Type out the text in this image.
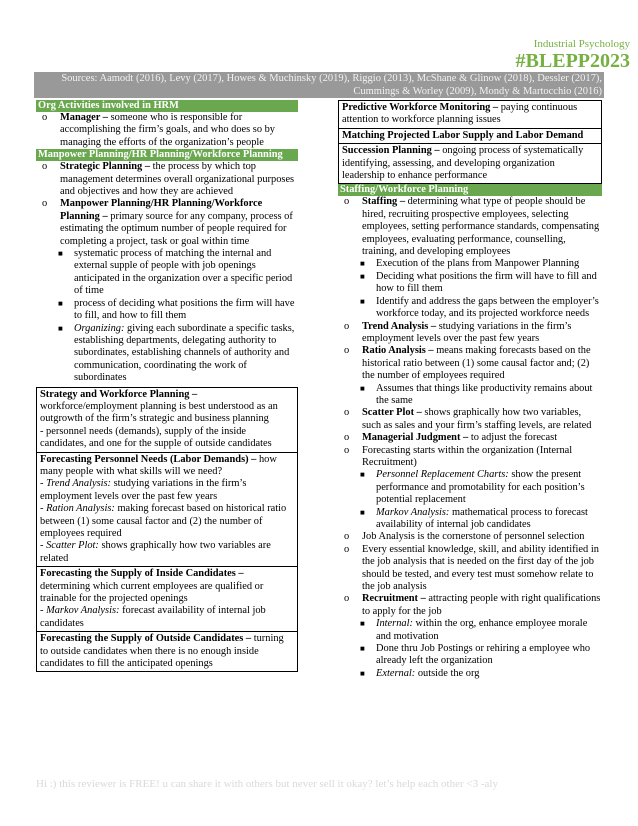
Industrial Psychology
#BLEPP2023
Sources: Aamodt (2016), Levy (2017), Howes & Muchinsky (2019), Riggio (2013), McShane & Glinow (2018), Dessler (2017), Cummings & Worley (2009), Mondy & Martocchio (2016)
Org Activities involved in HRM
o Manager – someone who is responsible for accomplishing the firm’s goals, and who does so by managing the efforts of the organization’s people
Manpower Planning/HR Planning/Workforce Planning
o Strategic Planning – the process by which top management determines overall organizational purposes and objectives and how they are achieved
o Manpower Planning/HR Planning/Workforce Planning – primary source for any company, process of estimating the optimum number of people required for completing a project, task or goal within time
■ systematic process of matching the internal and external supple of people with job openings anticipated in the organization over a specific period of time
■ process of deciding what positions the firm will have to fill, and how to fill them
■ Organizing: giving each subordinate a specific tasks, establishing departments, delegating authority to subordinates, establishing channels of authority and communication, coordinating the work of subordinates
Strategy and Workforce Planning – workforce/employment planning is best understood as an outgrowth of the firm’s strategic and business planning
- personnel needs (demands), supply of the inside candidates, and one for the supple of outside candidates
Forecasting Personnel Needs (Labor Demands) – how many people with what skills will we need?
- Trend Analysis: studying variations in the firm’s employment levels over the past few years
- Ration Analysis: making forecast based on historical ratio between (1) some causal factor and (2) the number of employees required
- Scatter Plot: shows graphically how two variables are related
Forecasting the Supply of Inside Candidates – determining which current employees are qualified or trainable for the projected openings
- Markov Analysis: forecast availability of internal job candidates
Forecasting the Supply of Outside Candidates – turning to outside candidates when there is no enough inside candidates to fill the anticipated openings
Predictive Workforce Monitoring – paying continuous attention to workforce planning issues
Matching Projected Labor Supply and Labor Demand
Succession Planning – ongoing process of systematically identifying, assessing, and developing organization leadership to enhance performance
Staffing/Workforce Planning
o Staffing – determining what type of people should be hired, recruiting prospective employees, selecting employees, setting performance standards, compensating employees, evaluating performance, counselling, training, and developing employees
■ Execution of the plans from Manpower Planning
■ Deciding what positions the firm will have to fill and how to fill them
■ Identify and address the gaps between the employer’s workforce today, and its projected workforce needs
o Trend Analysis – studying variations in the firm’s employment levels over the past few years
o Ratio Analysis – means making forecasts based on the historical ratio between (1) some causal factor and; (2) the number of employees required
■ Assumes that things like productivity remains about the same
o Scatter Plot – shows graphically how two variables, such as sales and your firm’s staffing levels, are related
o Managerial Judgment – to adjust the forecast
o Forecasting starts within the organization (Internal Recruitment)
■ Personnel Replacement Charts: show the present performance and promotability for each position’s potential replacement
■ Markov Analysis: mathematical process to forecast availability of internal job candidates
o Job Analysis is the cornerstone of personnel selection
o Every essential knowledge, skill, and ability identified in the job analysis that is needed on the first day of the job should be tested, and every test must somehow relate to the job analysis
o Recruitment – attracting people with right qualifications to apply for the job
■ Internal: within the org, enhance employee morale and motivation
■ Done thru Job Postings or rehiring a employee who already left the organization
■ External: outside the org
Hi :) this reviewer is FREE! u can share it with others but never sell it okay? let’s help each other <3 -aly
